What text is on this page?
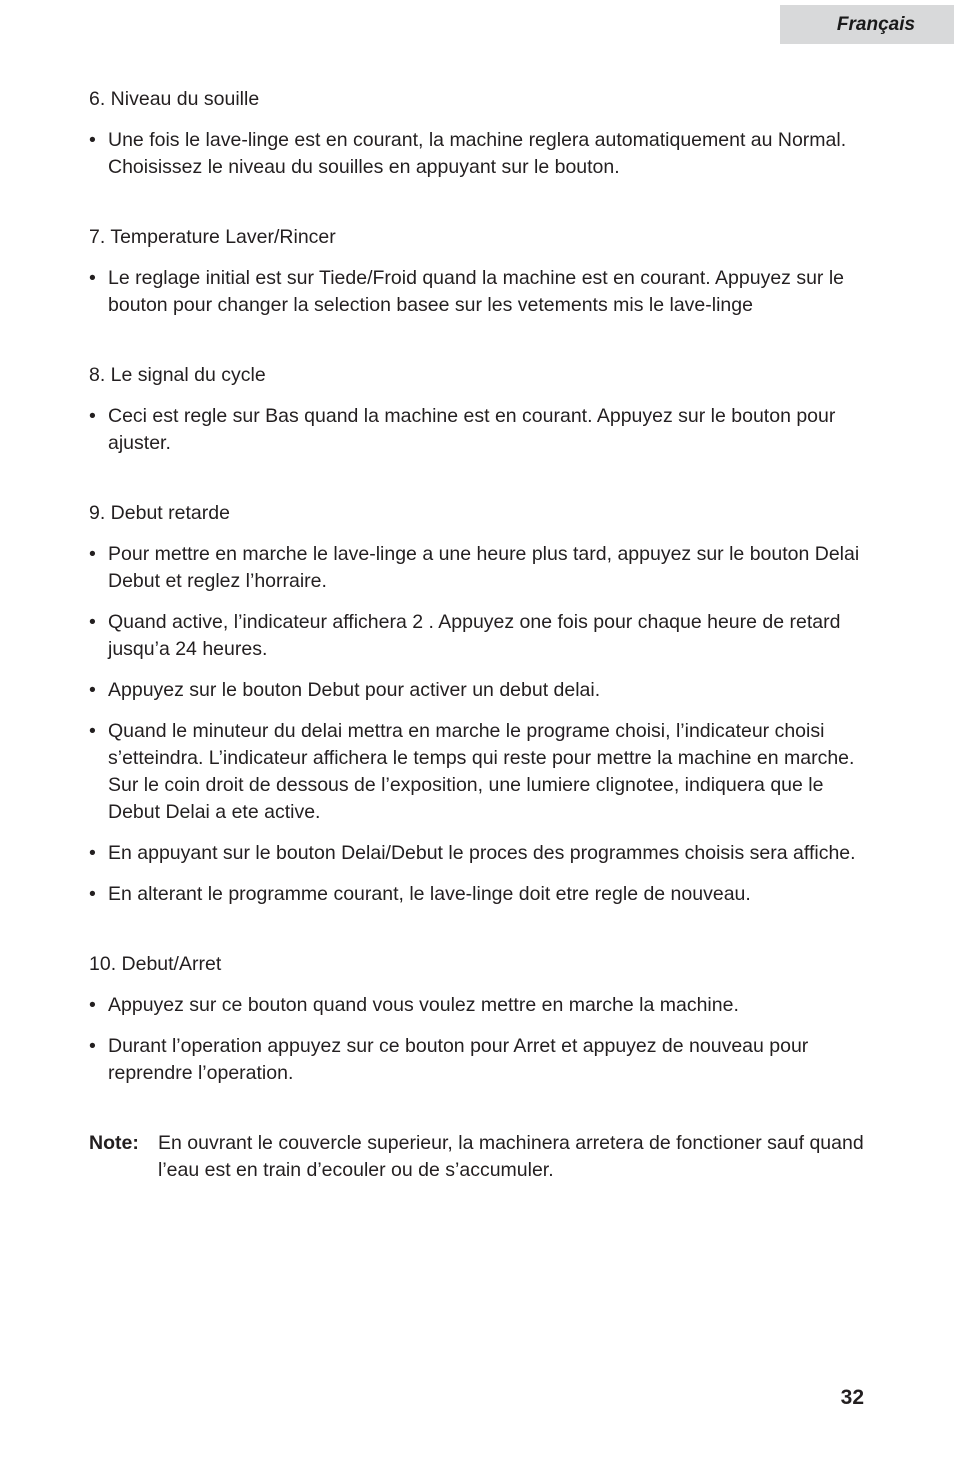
Français
6. Niveau du souille
• Une fois le lave-linge est en courant, la machine reglera automatiquement au Normal. Choisissez le niveau du souilles en appuyant sur le bouton.
7. Temperature Laver/Rincer
• Le reglage initial est sur Tiede/Froid quand la machine est en courant. Appuyez sur le bouton pour changer la selection basee sur les vetements mis le lave-linge
8. Le signal du cycle
• Ceci est regle sur Bas quand la machine est en courant. Appuyez sur le bouton pour ajuster.
9. Debut retarde
• Pour mettre en marche le lave-linge a une heure plus tard, appuyez sur le bouton Delai Debut et reglez l’horraire.
• Quand active, l’indicateur affichera 2 . Appuyez one fois pour chaque heure de retard jusqu’a 24 heures.
• Appuyez sur le bouton Debut pour activer un debut delai.
• Quand le minuteur du delai mettra en marche le programe choisi, l’indicateur choisi s’etteindra. L’indicateur affichera le temps qui reste pour mettre la machine en marche. Sur le coin droit de dessous de l’exposition, une lumiere clignotee, indiquera que le Debut Delai a ete active.
• En appuyant sur le bouton Delai/Debut le proces des programmes choisis sera affiche.
• En alterant le programme courant, le lave-linge doit etre regle de nouveau.
10. Debut/Arret
• Appuyez sur ce bouton quand vous voulez mettre en marche la machine.
• Durant l’operation appuyez sur ce bouton pour Arret et appuyez de nouveau pour reprendre l’operation.
Note: En ouvrant le couvercle superieur, la machinera arretera de fonctioner sauf quand l’eau est en train d’ecouler ou de s’accumuler.
32
